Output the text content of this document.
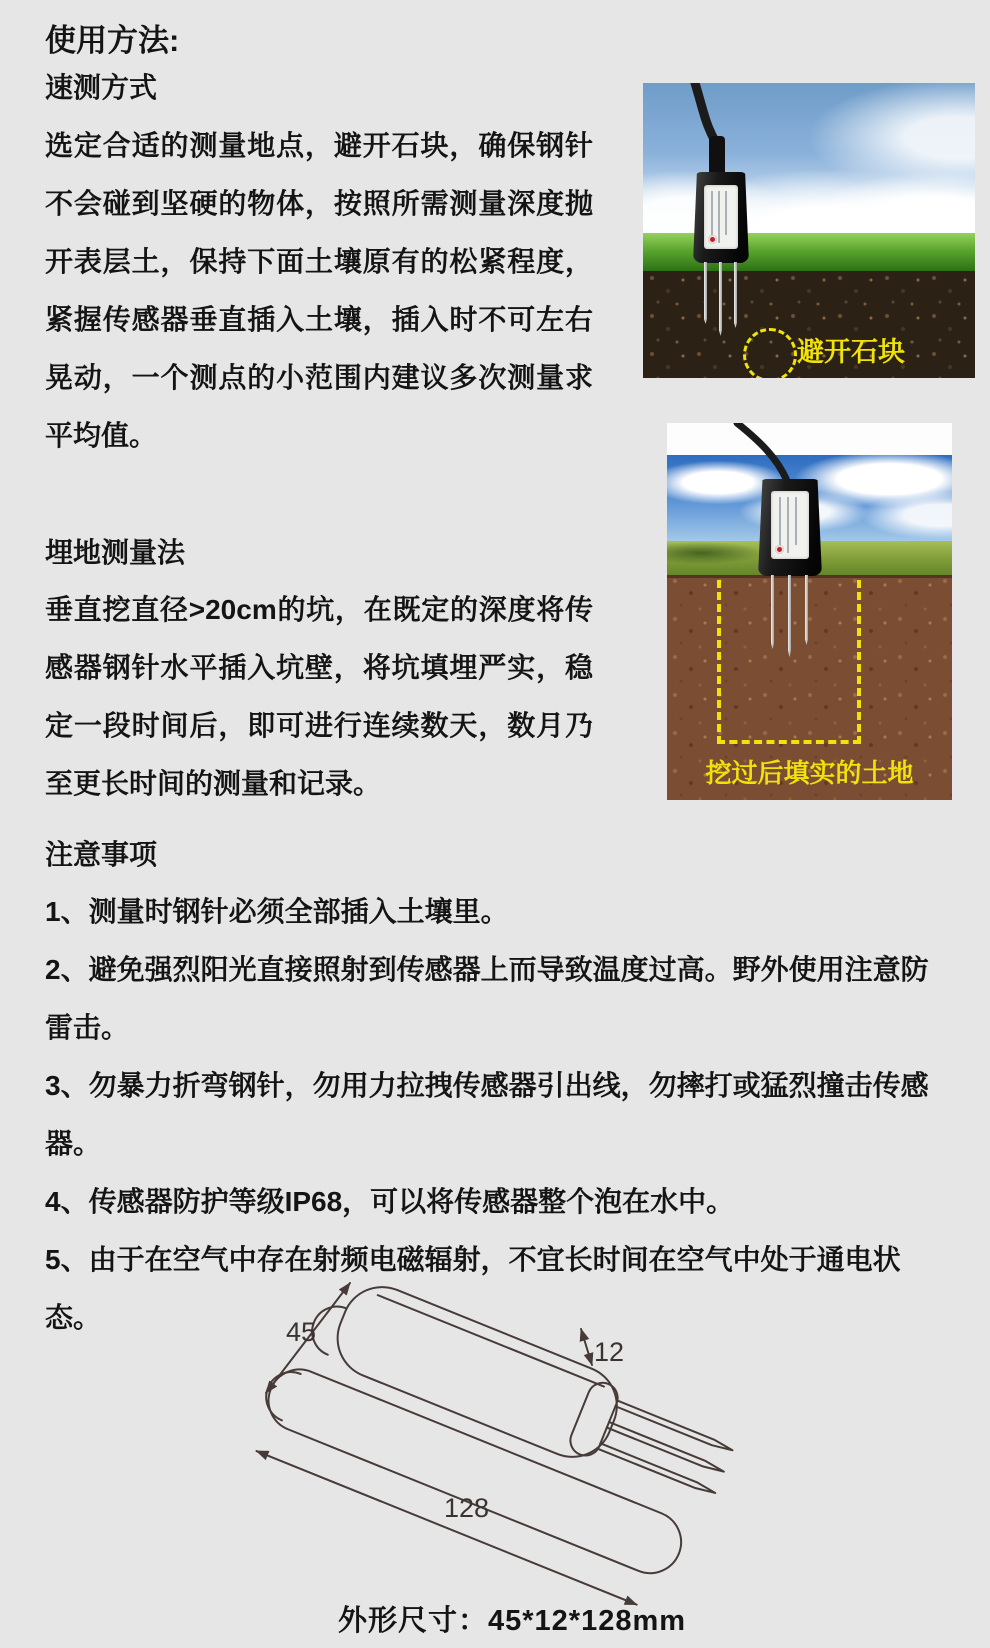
使用方法:
速测方式
选定合适的测量地点，避开石块，确保钢针不会碰到坚硬的物体，按照所需测量深度抛开表层土，保持下面土壤原有的松紧程度，紧握传感器垂直插入土壤，插入时不可左右晃动，一个测点的小范围内建议多次测量求平均值。
避开石块
埋地测量法
垂直挖直径>20cm的坑，在既定的深度将传感器钢针水平插入坑壁，将坑填埋严实，稳定一段时间后，即可进行连续数天，数月乃至更长时间的测量和记录。	挖过后填实的土地
注意事项
1、测量时钢针必须全部插入土壤里。
2、避免强烈阳光直接照射到传感器上而导致温度过高。野外使用注意防雷击。
3、勿暴力折弯钢针，勿用力拉拽传感器引出线，勿摔打或猛烈撞击传感器。
4、传感器防护等级IP68，可以将传感器整个泡在水中。
5、由于在空气中存在射频电磁辐射，不宜长时间在空气中处于通电状态。	45
12
128
外形尺寸：45*12*128mm
